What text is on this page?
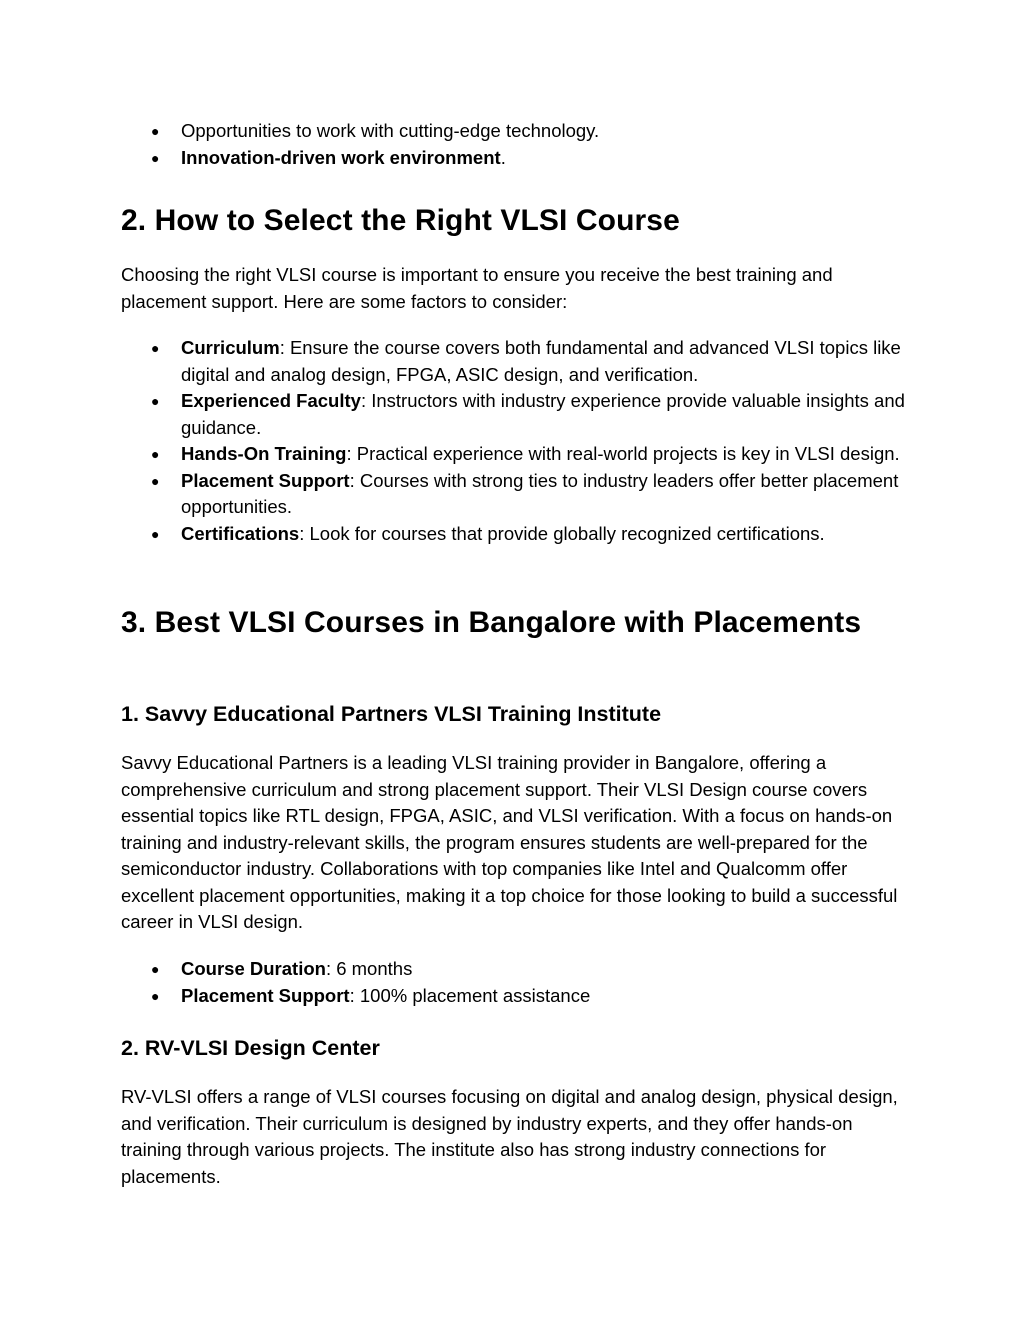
● Opportunities to work with cutting-edge technology.
● Innovation-driven work environment.
2. How to Select the Right VLSI Course

Choosing the right VLSI course is important to ensure you receive the best training and placement support. Here are some factors to consider:

● Curriculum: Ensure the course covers both fundamental and advanced VLSI topics like digital and analog design, FPGA, ASIC design, and verification.
● Experienced Faculty: Instructors with industry experience provide valuable insights and guidance.
● Hands-On Training: Practical experience with real-world projects is key in VLSI design.
● Placement Support: Courses with strong ties to industry leaders offer better placement opportunities.
● Certifications: Look for courses that provide globally recognized certifications.
3. Best VLSI Courses in Bangalore with Placements
1. Savvy Educational Partners VLSI Training Institute

Savvy Educational Partners is a leading VLSI training provider in Bangalore, offering a comprehensive curriculum and strong placement support. Their VLSI Design course covers essential topics like RTL design, FPGA, ASIC, and VLSI verification. With a focus on hands-on training and industry-relevant skills, the program ensures students are well-prepared for the semiconductor industry. Collaborations with top companies like Intel and Qualcomm offer excellent placement opportunities, making it a top choice for those looking to build a successful career in VLSI design.

● Course Duration: 6 months
● Placement Support: 100% placement assistance
2. RV-VLSI Design Center

RV-VLSI offers a range of VLSI courses focusing on digital and analog design, physical design, and verification. Their curriculum is designed by industry experts, and they offer hands-on training through various projects. The institute also has strong industry connections for placements.
